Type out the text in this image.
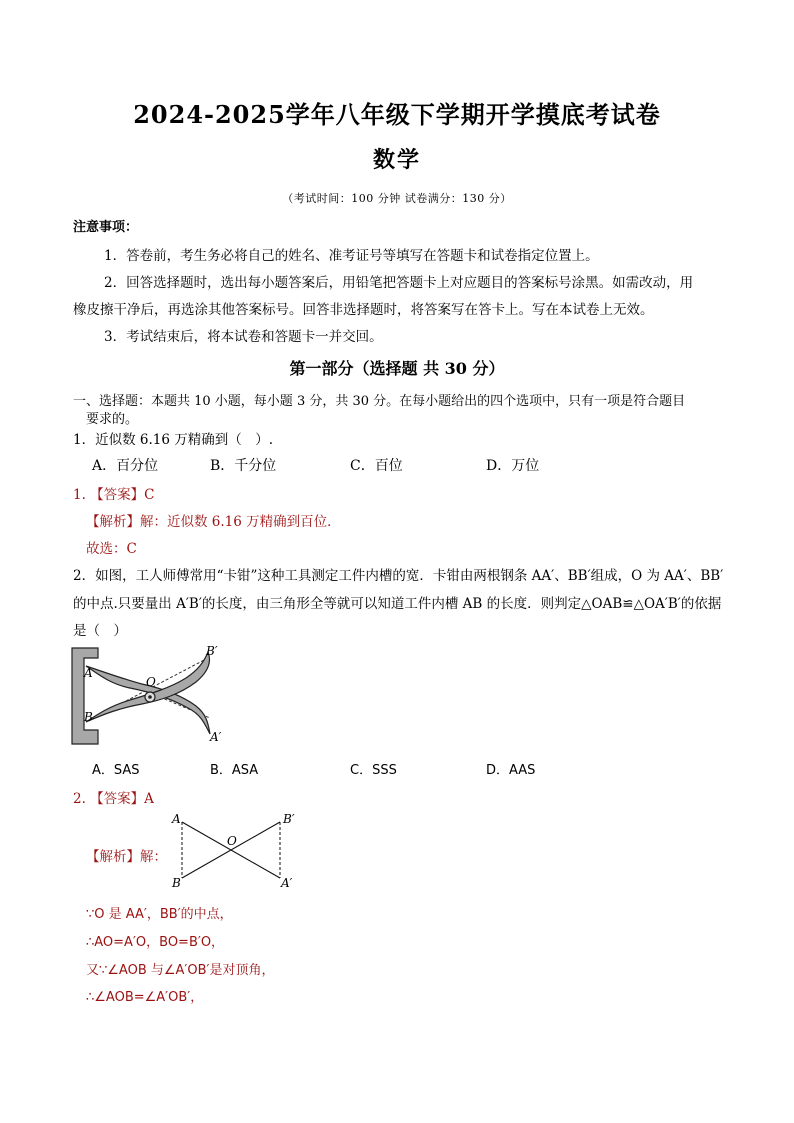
2024-2025学年八年级下学期开学摸底考试卷
数学
（考试时间：100 分钟 试卷满分：130 分）
注意事项：
1．答卷前，考生务必将自己的姓名、准考证号等填写在答题卡和试卷指定位置上。
2．回答选择题时，选出每小题答案后，用铅笔把答题卡上对应题目的答案标号涂黑。如需改动，用
橡皮擦干净后，再选涂其他答案标号。回答非选择题时，将答案写在答卡上。写在本试卷上无效。
3．考试结束后，将本试卷和答题卡一并交回。
第一部分（选择题 共 30 分）
一、选择题：本题共 10 小题，每小题 3 分，共 30 分。在每小题给出的四个选项中，只有一项是符合题目
要求的。
1．近似数 6.16 万精确到（　）.
A．百分位	B．千分位	C．百位	D．万位
1. 【答案】C
【解析】解：近似数 6.16 万精确到百位．
故选：C
2．如图，工人师傅常用“卡钳”这种工具测定工件内槽的宽．卡钳由两根钢条 AA′、BB′组成，O 为 AA′、BB′
的中点.只要量出 A′B′的长度，由三角形全等就可以知道工件内槽 AB 的长度．则判定△OAB≌△OA′B′的依据
是（　）
A
B
O
B′
A′
A．SAS	B．ASA	C．SSS	D．AAS
2. 【答案】A
【解析】解：
A	B′
O
B	A′
∵O 是 AA′，BB′的中点，
∴AO=A′O，BO=B′O，
又∵∠AOB 与∠A′OB′是对顶角，
∴∠AOB=∠A′OB′，
